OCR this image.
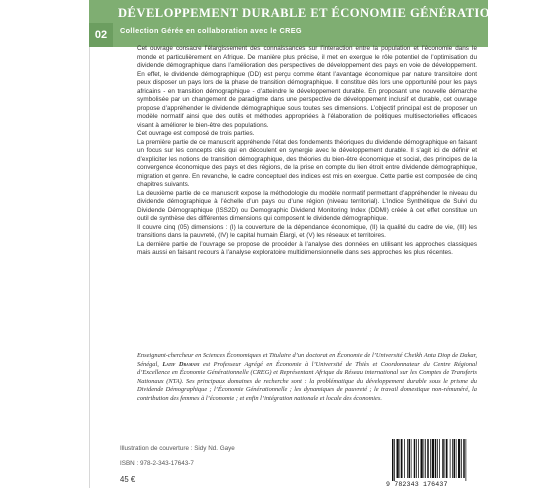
DÉVELOPPEMENT DURABLE ET ÉCONOMIE GÉNÉRATIONNELLE
Collection Gérée en collaboration avec le CREG
02

Cet ouvrage consacre l’élargissement des connaissances sur l’interaction entre la population et l’économie dans le monde et particulièrement en Afrique. De manière plus précise, il met en exergue le rôle potentiel de l’optimisation du dividende démographique dans l’amélioration des perspectives de développement des pays en voie de développement. En effet, le dividende démographique (DD) est perçu comme étant l’avantage économique par nature transitoire dont peux disposer un pays lors de la phase de transition démographique. Il constitue dès lors une opportunité pour les pays africains - en transition démographique - d’atteindre le développement durable. En proposant une nouvelle démarche symbolisée par un changement de paradigme dans une perspective de développement inclusif et durable, cet ouvrage propose d’appréhender le dividende démographique sous toutes ses dimensions. L’objectif principal est de proposer un modèle normatif ainsi que des outils et méthodes appropriées à l’élaboration de politiques multisectorielles efficaces visant à améliorer le bien-être des populations.

Cet ouvrage est composé de trois parties.

La première partie de ce manuscrit appréhende l’état des fondements théoriques du dividende démographique en faisant un focus sur les concepts clés qui en découlent en synergie avec le développement durable. Il s’agit ici de définir et d’expliciter les notions de transition démographique, des théories du bien-être économique et social, des principes de la convergence économique des pays et des régions, de la prise en compte du lien étroit entre dividende démographique, migration et genre. En revanche, le cadre conceptuel des indices est mis en exergue. Cette partie est composée de cinq chapitres suivants.

La deuxième partie de ce manuscrit expose la méthodologie du modèle normatif permettant d’appréhender le niveau du dividende démographique à l’échelle d’un pays ou d’une région (niveau territorial). L’Indice Synthétique de Suivi du Dividende Démographique (ISS2D) ou Demographic Dividend Monitoring Index (DDMI) créée à cet effet constitue un outil de synthèse des différentes dimensions qui composent le dividende démographique.

Il couvre cinq (05) dimensions : (I) la couverture de la dépendance économique, (II) la qualité du cadre de vie, (III) les transitions dans la pauvreté, (IV) le capital humain Élargi, et (V) les réseaux et territoires.

La dernière partie de l’ouvrage se propose de procéder à l’analyse des données en utilisant les approches classiques mais aussi en faisant recours à l’analyse exploratoire multidimensionnelle dans ses approches les plus récentes.

Enseignant-chercheur en Sciences Économiques et Titulaire d’un doctorat en Économie de l’Université Cheikh Anta Diop de Dakar, Sénégal, Latif Dramani est Professeur Agrégé en Économie à l’Université de Thiès et Coordonnateur du Centre Régional d’Excellence en Économie Générationnelle (CREG) et Représentant Afrique du Réseau international sur les Comptes de Transferts Nationaux (NTA). Ses principaux domaines de recherche sont : la problématique du développement durable sous le prisme du Dividende Démographique ; l’Économie Générationnelle ; les dynamiques de pauvreté ; le travail domestique non-rémunéré, la contribution des femmes à l’économie ; et enfin l’intégration nationale et locale des économies.
Illustration de couverture : Sidy Nd. Gaye
ISBN : 978-2-343-17643-7
45 €
9 782343 176437
